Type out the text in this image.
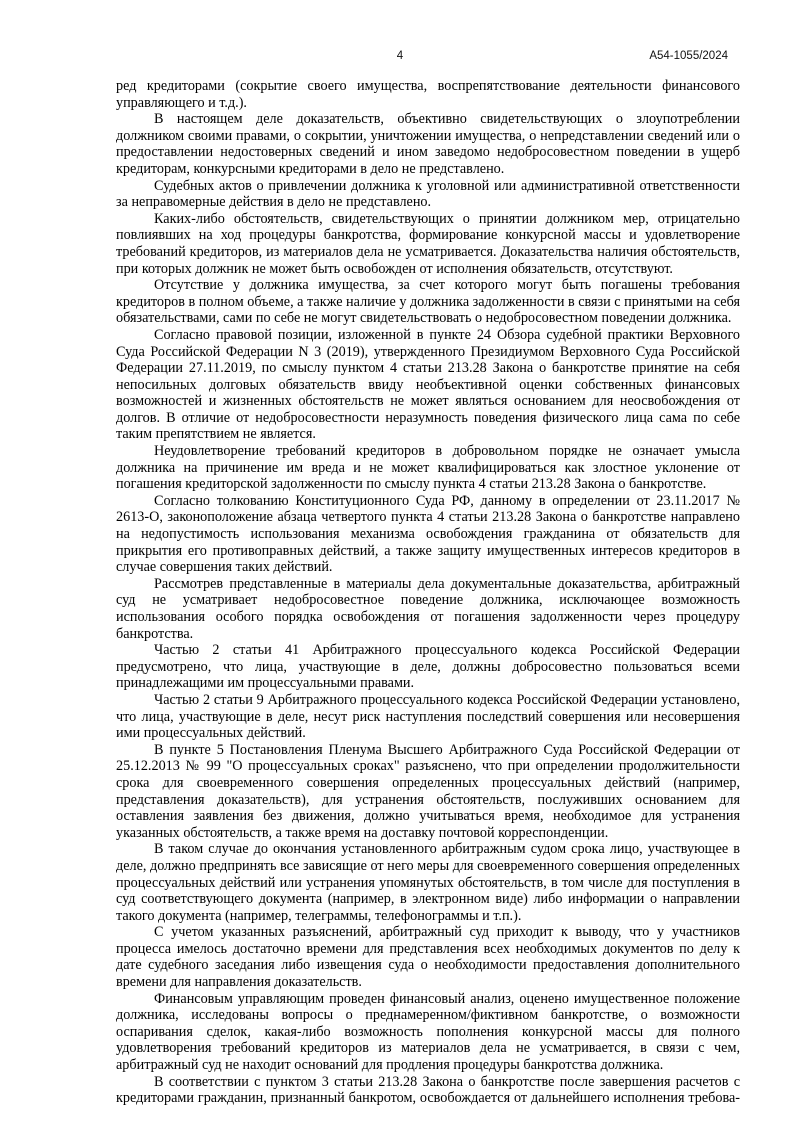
4	А54-1055/2024

ред кредиторами (сокрытие своего имущества, воспрепятствование деятельности финансового управляющего и т.д.).

В настоящем деле доказательств, объективно свидетельствующих о злоупотреблении должником своими правами, о сокрытии, уничтожении имущества, о непредставлении сведений или о предоставлении недостоверных сведений и ином заведомо недобросовестном поведении в ущерб кредиторам, конкурсными кредиторами в дело не представлено.

Судебных актов о привлечении должника к уголовной или административной ответственности за неправомерные действия в дело не представлено.

Каких-либо обстоятельств, свидетельствующих о принятии должником мер, отрицательно повлиявших на ход процедуры банкротства, формирование конкурсной массы и удовлетворение требований кредиторов, из материалов дела не усматривается. Доказательства наличия обстоятельств, при которых должник не может быть освобожден от исполнения обязательств, отсутствуют.

Отсутствие у должника имущества, за счет которого могут быть погашены требования кредиторов в полном объеме, а также наличие у должника задолженности в связи с принятыми на себя обязательствами, сами по себе не могут свидетельствовать о недобросовестном поведении должника.

Согласно правовой позиции, изложенной в пункте 24 Обзора судебной практики Верховного Суда Российской Федерации N 3 (2019), утвержденного Президиумом Верховного Суда Российской Федерации 27.11.2019, по смыслу пунктом 4 статьи 213.28 Закона о банкротстве принятие на себя непосильных долговых обязательств ввиду необъективной оценки собственных финансовых возможностей и жизненных обстоятельств не может являться основанием для неосвобождения от долгов. В отличие от недобросовестности неразумность поведения физического лица сама по себе таким препятствием не является.

Неудовлетворение требований кредиторов в добровольном порядке не означает умысла должника на причинение им вреда и не может квалифицироваться как злостное уклонение от погашения кредиторской задолженности по смыслу пункта 4 статьи 213.28 Закона о банкротстве.

Согласно толкованию Конституционного Суда РФ, данному в определении от 23.11.2017 № 2613-О, законоположение абзаца четвертого пункта 4 статьи 213.28 Закона о банкротстве направлено на недопустимость использования механизма освобождения гражданина от обязательств для прикрытия его противоправных действий, а также защиту имущественных интересов кредиторов в случае совершения таких действий.

Рассмотрев представленные в материалы дела документальные доказательства, арбитражный суд не усматривает недобросовестное поведение должника, исключающее возможность использования особого порядка освобождения от погашения задолженности через процедуру банкротства.

Частью 2 статьи 41 Арбитражного процессуального кодекса Российской Федерации предусмотрено, что лица, участвующие в деле, должны добросовестно пользоваться всеми принадлежащими им процессуальными правами.

Частью 2 статьи 9 Арбитражного процессуального кодекса Российской Федерации установлено, что лица, участвующие в деле, несут риск наступления последствий совершения или несовершения ими процессуальных действий.

В пункте 5 Постановления Пленума Высшего Арбитражного Суда Российской Федерации от 25.12.2013 № 99 "О процессуальных сроках" разъяснено, что при определении продолжительности срока для своевременного совершения определенных процессуальных действий (например, представления доказательств), для устранения обстоятельств, послуживших основанием для оставления заявления без движения, должно учитываться время, необходимое для устранения указанных обстоятельств, а также время на доставку почтовой корреспонденции.

В таком случае до окончания установленного арбитражным судом срока лицо, участвующее в деле, должно предпринять все зависящие от него меры для своевременного совершения определенных процессуальных действий или устранения упомянутых обстоятельств, в том числе для поступления в суд соответствующего документа (например, в электронном виде) либо информации о направлении такого документа (например, телеграммы, телефонограммы и т.п.).

С учетом указанных разъяснений, арбитражный суд приходит к выводу, что у участников процесса имелось достаточно времени для представления всех необходимых документов по делу к дате судебного заседания либо извещения суда о необходимости предоставления дополнительного времени для направления доказательств.

Финансовым управляющим проведен финансовый анализ, оценено имущественное положение должника, исследованы вопросы о преднамеренном/фиктивном банкротстве, о возможности оспаривания сделок, какая-либо возможность пополнения конкурсной массы для полного удовлетворения требований кредиторов из материалов дела не усматривается, в связи с чем, арбитражный суд не находит оснований для продления процедуры банкротства должника.

В соответствии с пунктом 3 статьи 213.28 Закона о банкротстве после завершения расчетов с кредиторами гражданин, признанный банкротом, освобождается от дальнейшего исполнения требова-
